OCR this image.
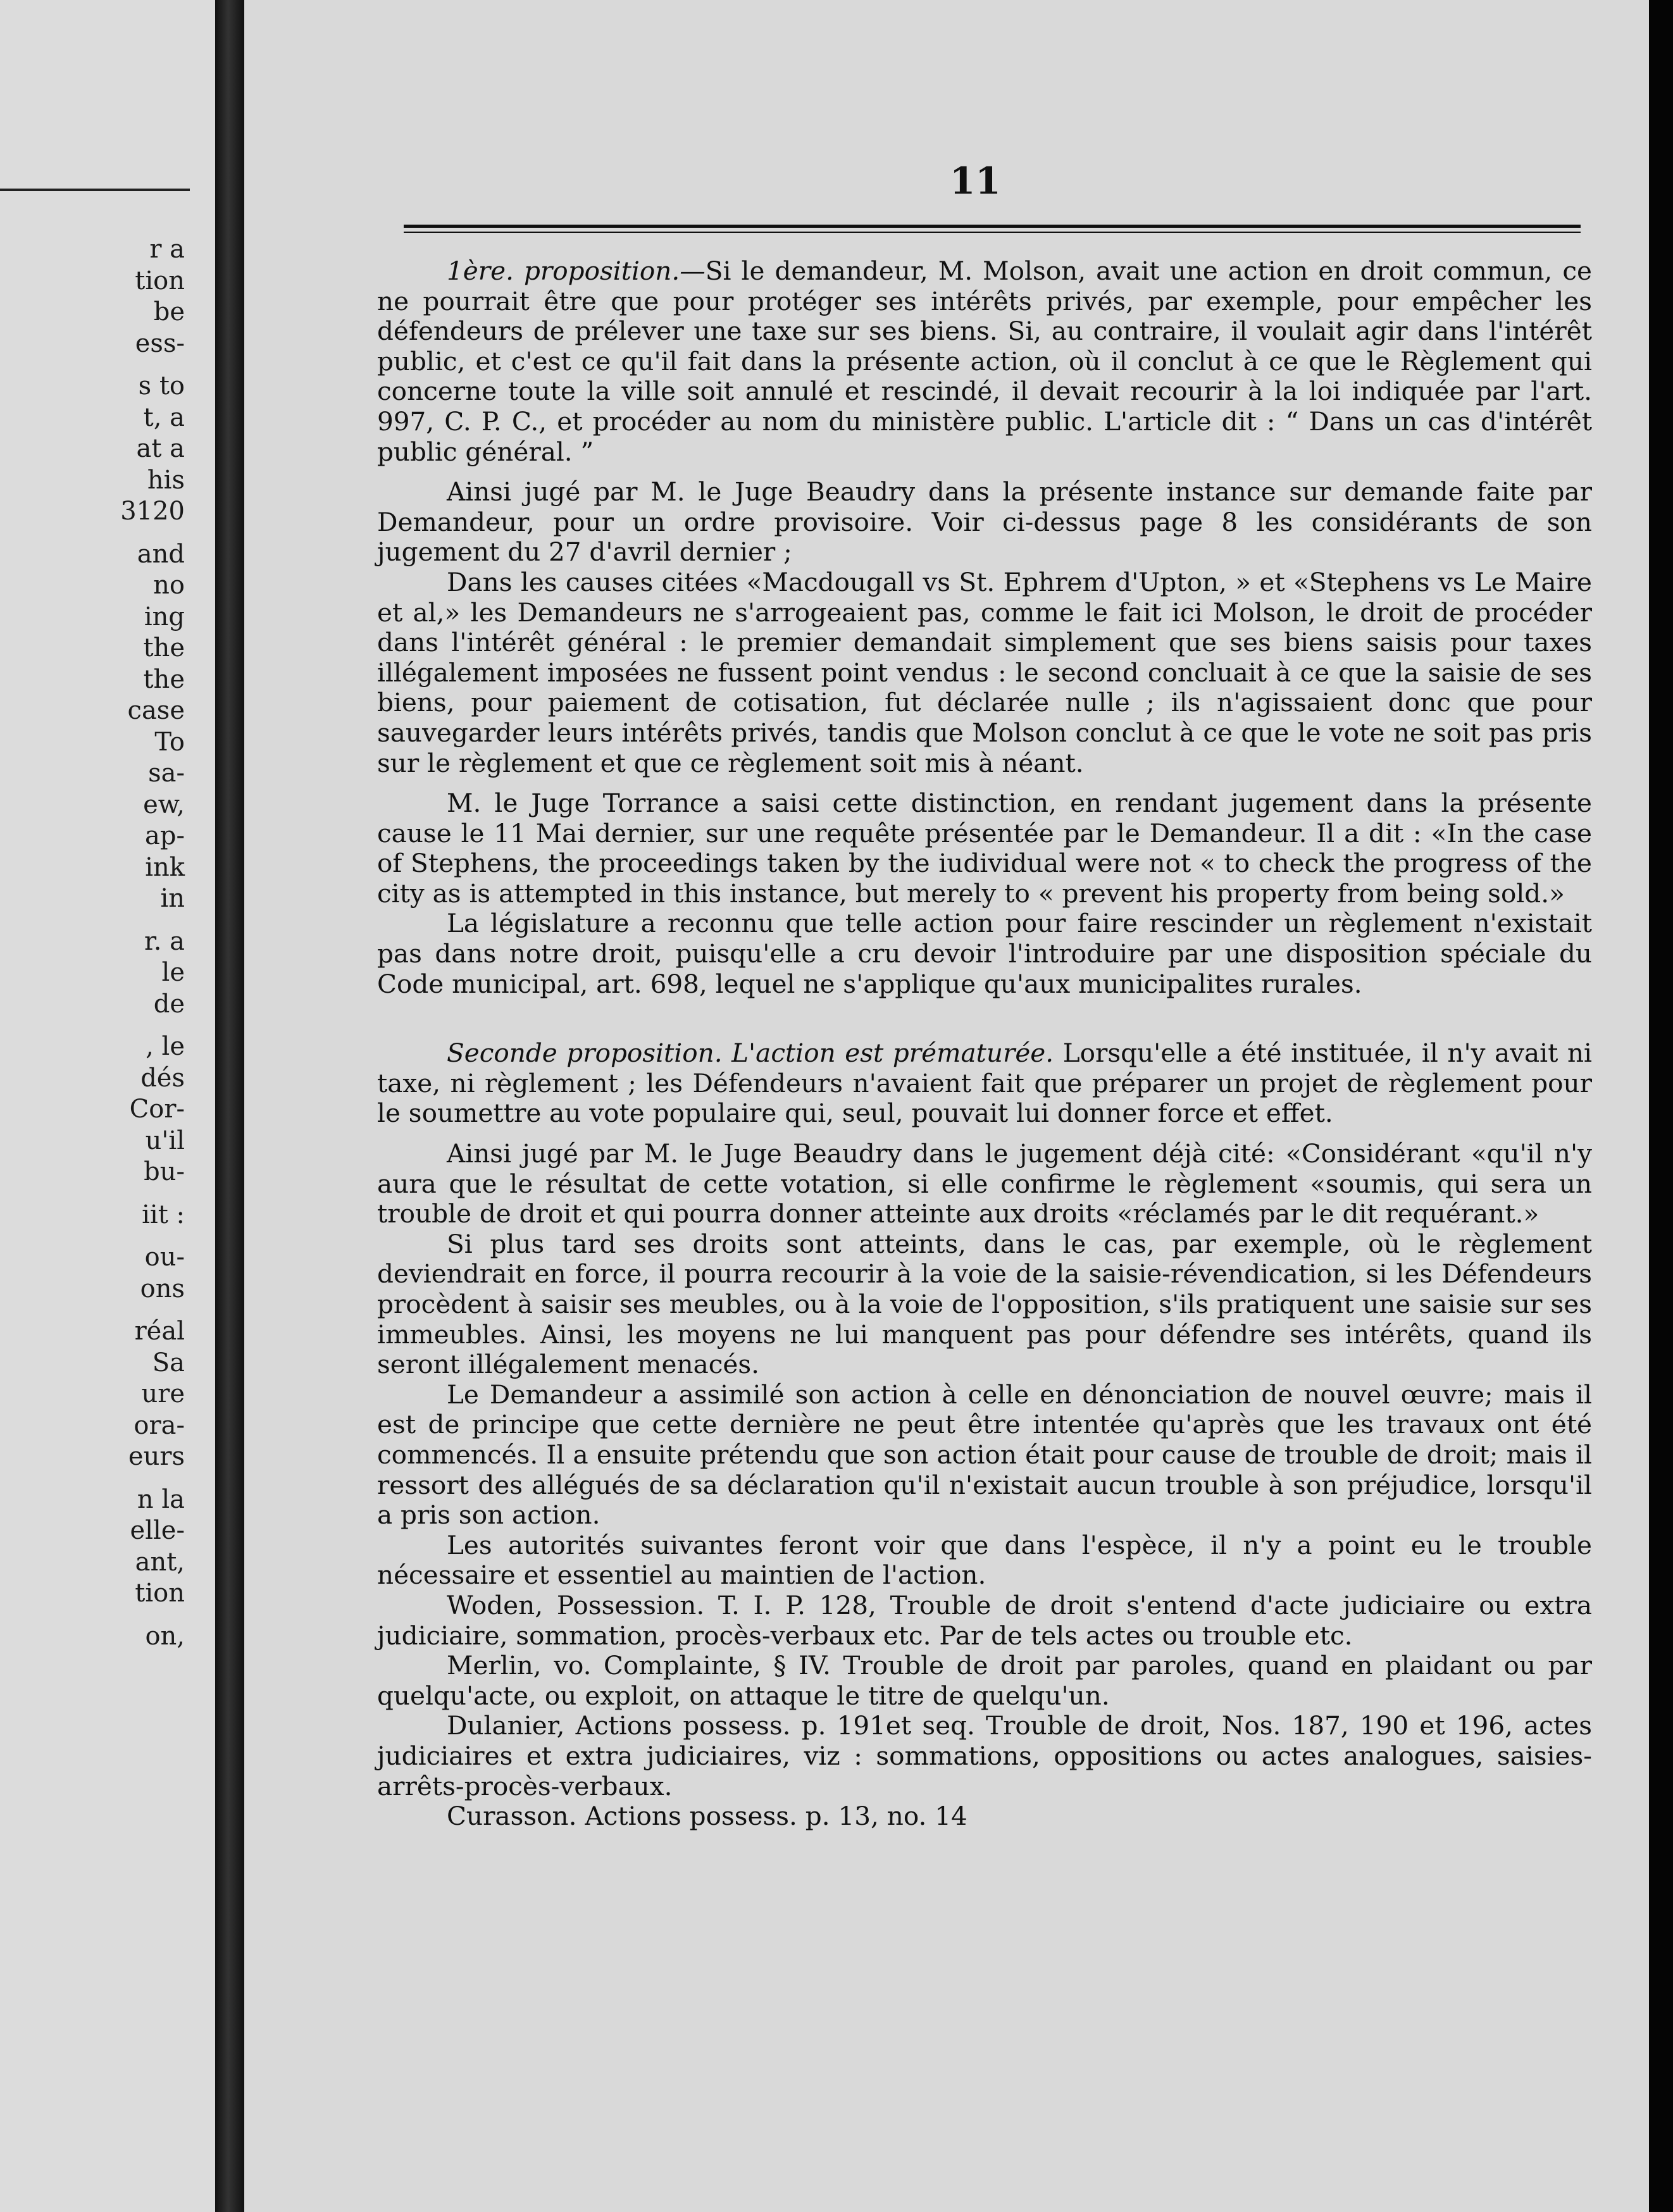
r a
tion
be
ess-
s to
t, a
at a
his
3120
and
no
ing
the
the
case
To
sa-
ew,
ap-
ink
in
r. a
le
de
, le
dés
Cor-
u'il
bu-
iit :
ou-
ons
réal
Sa
ure
ora-
eurs
n la
elle-
ant,
tion
on,
11

1ère. proposition.—Si le demandeur, M. Molson, avait une action en droit commun, ce ne pourrait être que pour protéger ses intérêts privés, par exemple, pour empêcher les défendeurs de prélever une taxe sur ses biens. Si, au contraire, il voulait agir dans l'intérêt public, et c'est ce qu'il fait dans la présente action, où il conclut à ce que le Règlement qui concerne toute la ville soit annulé et rescindé, il devait recourir à la loi indiquée par l'art. 997, C. P. C., et procéder au nom du ministère public. L'article dit : “ Dans un cas d'intérêt public général. ”

Ainsi jugé par M. le Juge Beaudry dans la présente instance sur demande faite par Demandeur, pour un ordre provisoire. Voir ci-dessus page 8 les considérants de son jugement du 27 d'avril dernier ;

Dans les causes citées «Macdougall vs St. Ephrem d'Upton, » et «Stephens vs Le Maire et al,» les Demandeurs ne s'arrogeaient pas, comme le fait ici Molson, le droit de procéder dans l'intérêt général : le premier demandait simplement que ses biens saisis pour taxes illégalement imposées ne fussent point vendus : le second concluait à ce que la saisie de ses biens, pour paiement de cotisation, fut déclarée nulle ; ils n'agissaient donc que pour sauvegarder leurs intérêts privés, tandis que Molson conclut à ce que le vote ne soit pas pris sur le règlement et que ce règlement soit mis à néant.

M. le Juge Torrance a saisi cette distinction, en rendant jugement dans la présente cause le 11 Mai dernier, sur une requête présentée par le Demandeur. Il a dit : «In the case of Stephens, the proceedings taken by the iudividual were not « to check the progress of the city as is attempted in this instance, but merely to « prevent his property from being sold.»

La législature a reconnu que telle action pour faire rescinder un règlement n'existait pas dans notre droit, puisqu'elle a cru devoir l'introduire par une disposition spéciale du Code municipal, art. 698, lequel ne s'applique qu'aux municipalites rurales.

Seconde proposition. L'action est prématurée. Lorsqu'elle a été instituée, il n'y avait ni taxe, ni règlement ; les Défendeurs n'avaient fait que préparer un projet de règlement pour le soumettre au vote populaire qui, seul, pouvait lui donner force et effet.

Ainsi jugé par M. le Juge Beaudry dans le jugement déjà cité: «Considérant «qu'il n'y aura que le résultat de cette votation, si elle confirme le règlement «soumis, qui sera un trouble de droit et qui pourra donner atteinte aux droits «réclamés par le dit requérant.»

Si plus tard ses droits sont atteints, dans le cas, par exemple, où le règlement deviendrait en force, il pourra recourir à la voie de la saisie-révendication, si les Défendeurs procèdent à saisir ses meubles, ou à la voie de l'opposition, s'ils pratiquent une saisie sur ses immeubles. Ainsi, les moyens ne lui manquent pas pour défendre ses intérêts, quand ils seront illégalement menacés.

Le Demandeur a assimilé son action à celle en dénonciation de nouvel œuvre; mais il est de principe que cette dernière ne peut être intentée qu'après que les travaux ont été commencés. Il a ensuite prétendu que son action était pour cause de trouble de droit; mais il ressort des allégués de sa déclaration qu'il n'existait aucun trouble à son préjudice, lorsqu'il a pris son action.

Les autorités suivantes feront voir que dans l'espèce, il n'y a point eu le trouble nécessaire et essentiel au maintien de l'action.

Woden, Possession. T. I. P. 128, Trouble de droit s'entend d'acte judiciaire ou extra judiciaire, sommation, procès-verbaux etc. Par de tels actes ou trouble etc.

Merlin, vo. Complainte, § IV. Trouble de droit par paroles, quand en plaidant ou par quelqu'acte, ou exploit, on attaque le titre de quelqu'un.

Dulanier, Actions possess. p. 191et seq. Trouble de droit, Nos. 187, 190 et 196, actes judiciaires et extra judiciaires, viz : sommations, oppositions ou actes analogues, saisies-arrêts-procès-verbaux.

Curasson. Actions possess. p. 13, no. 14
